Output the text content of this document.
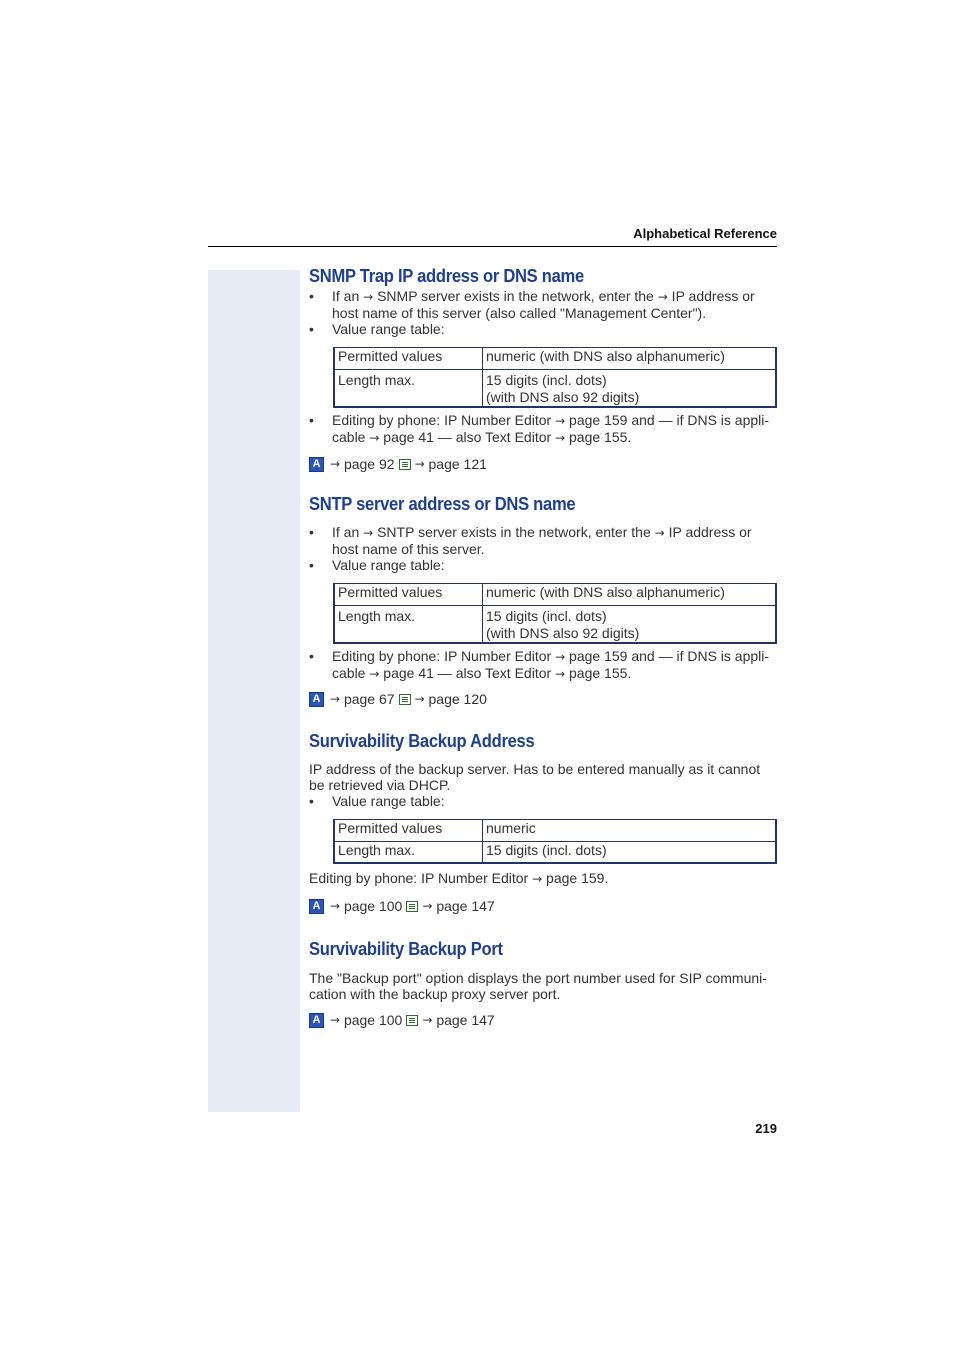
Alphabetical Reference
SNMP Trap IP address or DNS name
• If an → SNMP server exists in the network, enter the → IP address or
host name of this server (also called "Management Center").
• Value range table:
Permitted values	numeric (with DNS also alphanumeric)
Length max.	15 digits (incl. dots)
(with DNS also 92 digits)
• Editing by phone: IP Number Editor → page 159 and — if DNS is appli-
cable → page 41 — also Text Editor → page 155.
A →
page 92 →
page 121
SNTP server address or DNS name
• If an → SNTP server exists in the network, enter the → IP address or
host name of this server.
• Value range table:
Permitted values	numeric (with DNS also alphanumeric)
Length max.	15 digits (incl. dots)
(with DNS also 92 digits)
• Editing by phone: IP Number Editor → page 159 and — if DNS is appli-
cable → page 41 — also Text Editor → page 155.
A →
page 67 →
page 120
Survivability Backup Address

IP address of the backup server. Has to be entered manually as it cannot
be retrieved via DHCP.

• Value range table:
Permitted values	numeric
Length max.	15 digits (incl. dots)

Editing by phone: IP Number Editor → page 159.

A →
page 100 →
page 147
Survivability Backup Port

The "Backup port" option displays the port number used for SIP communi-
cation with the backup proxy server port.

A →
page 100 →
page 147
219
